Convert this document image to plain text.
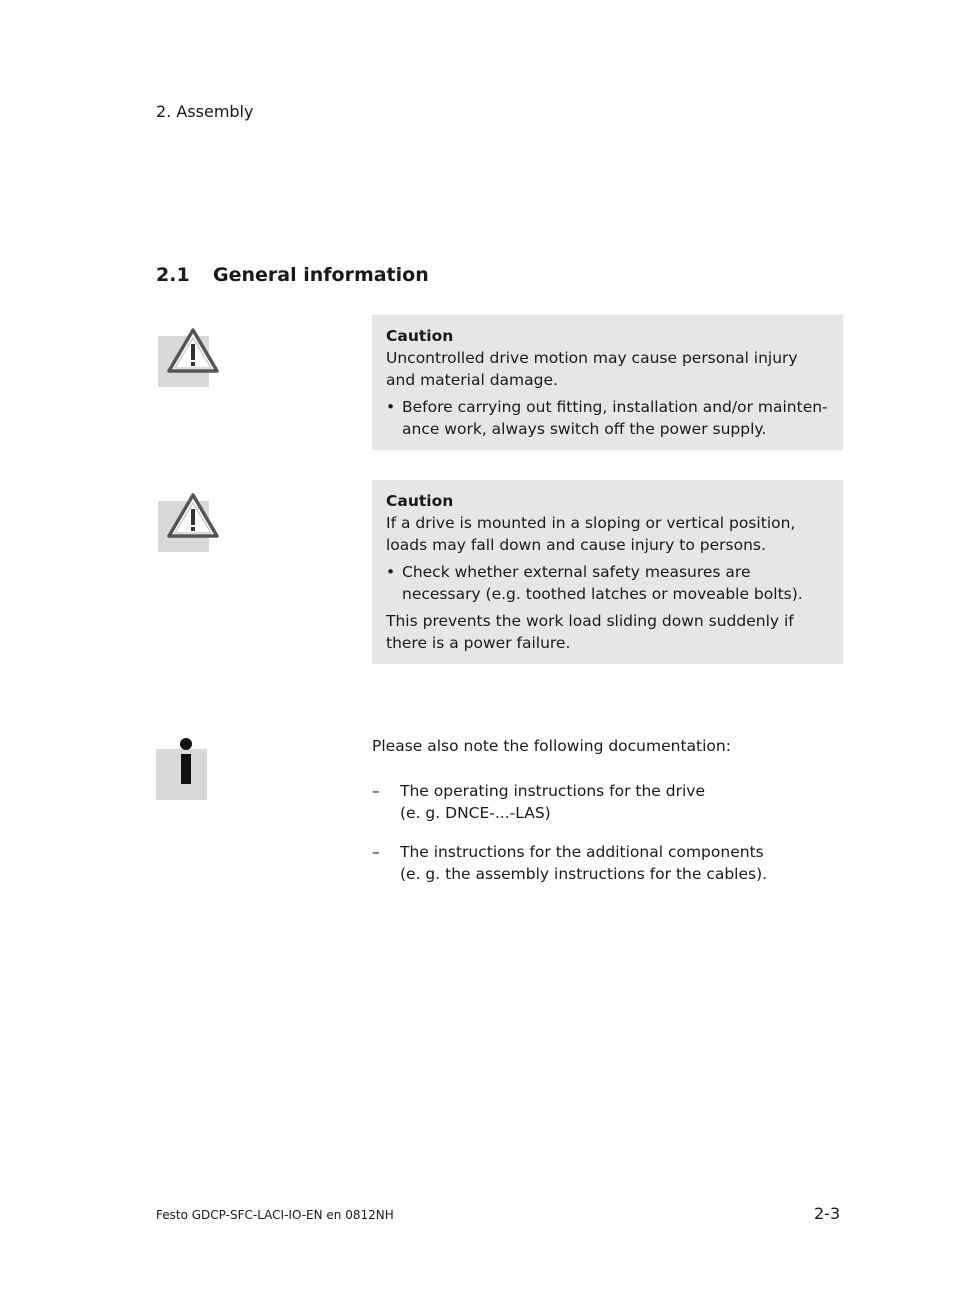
2. Assembly
2.1 General information

Caution

Uncontrolled drive motion may cause personal injury and material damage.

• Before carrying out fitting, installation and/or mainten- ance work, always switch off the power supply.

Caution

If a drive is mounted in a sloping or vertical position, loads may fall down and cause injury to persons.

• Check whether external safety measures are necessary (e.g. toothed latches or moveable bolts).

This prevents the work load sliding down suddenly if there is a power failure.

Please also note the following documentation:

–	The operating instructions for the drive

(e. g. DNCE-...-LAS)

–	The instructions for the additional components

(e. g. the assembly instructions for the cables).

Festo GDCP-SFC-LACI-IO-EN en 0812NH	2-3
